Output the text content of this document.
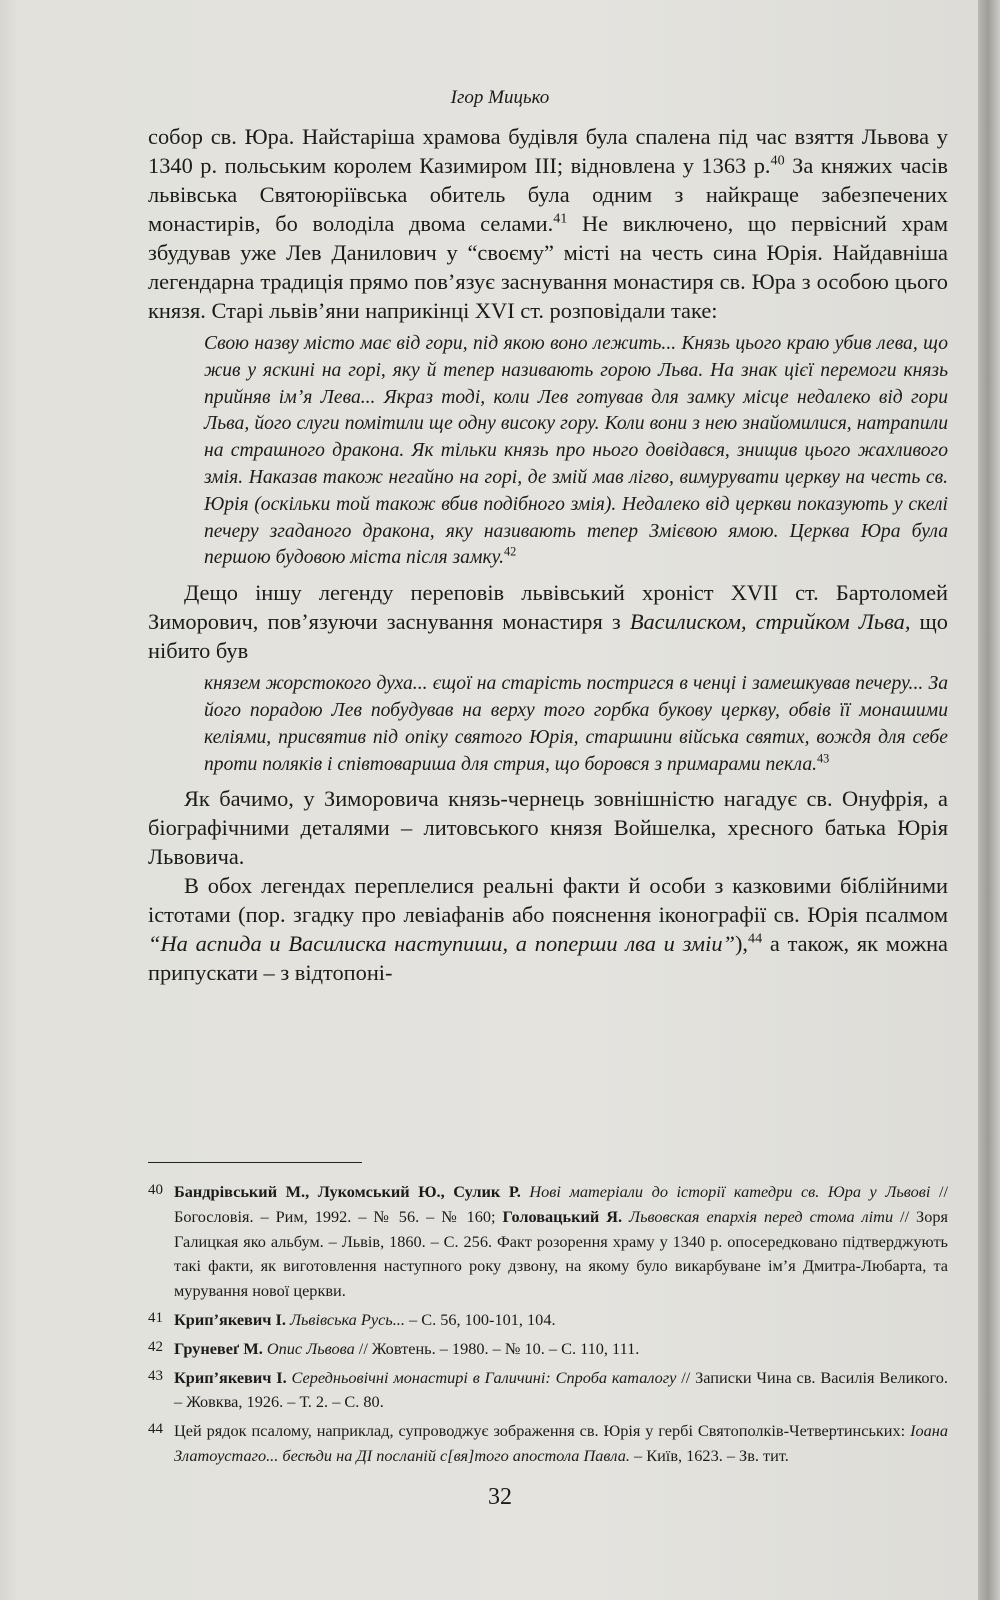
Ігор Мицько

собор св. Юра. Найстаріша храмова будівля була спалена під час взяття Львова у 1340 р. польським королем Казимиром III; відновлена у 1363 р.$^{40}$ За княжих часів львівська Святоюріївська обитель була одним з найкраще забезпечених монастирів, бо володіла двома селами.$^{41}$ Не виключено, що первісний храм збудував уже Лев Данилович у “своєму” місті на честь сина Юрія. Найдавніша легендарна традиція прямо пов’язує заснування монастиря св. Юра з особою цього князя. Старі львів’яни наприкінці XVI ст. розповідали таке:

Свою назву місто має від гори, під якою воно лежить... Князь цього краю убив лева, що жив у яскині на горі, яку й тепер називають горою Льва. На знак цієї перемоги князь прийняв ім’я Лева... Якраз тоді, коли Лев готував для замку місце недалеко від гори Льва, його слуги помітили ще одну високу гору. Коли вони з нею знайомилися, натрапили на страшного дракона. Як тільки князь про нього довідався, знищив цього жахливого змія. Наказав також негайно на горі, де змій мав лігво, вимурувати церкву на честь св. Юрія (оскільки той також вбив подібного змія). Недалеко від церкви показують у скелі печеру згаданого дракона, яку називають тепер Змієвою ямою. Церква Юра була першою будовою міста після замку.$^{42}$

Дещо іншу легенду переповів львівський хроніст XVII ст. Бартоломей Зиморович, пов’язуючи заснування монастиря з Василиском, стрийком Льва, що нібито був

князем жорстокого духа... єщої на старість постригся в ченці і замешкував печеру... За його порадою Лев побудував на верху того горбка букову церкву, обвів її монашими келіями, присвятив під опіку святого Юрія, старшини війська святих, вождя для себе проти поляків і співтовариша для стрия, що боровся з примарами пекла.$^{43}$

Як бачимо, у Зиморовича князь-чернець зовнішністю нагадує св. Онуфрія, а біографічними деталями – литовського князя Войшелка, хресного батька Юрія Львовича.

В обох легендах переплелися реальні факти й особи з казковими біблійними істотами (пор. згадку про левіафанів або пояснення іконографії св. Юрія псалмом “На аспида и Василиска наступиши, а поперши лва и зміи”),$^{44}$ а також, як можна припускати – з відтопоні-

40 Бандрівський М., Лукомський Ю., Сулик Р. Нові матеріали до історії катедри св. Юра у Львові // Богословія. – Рим, 1992. – № 56. – № 160; Головацький Я. Львовская епархія перед стома літи // Зоря Галицкая яко альбум. – Львів, 1860. – С. 256. Факт розорення храму у 1340 р. опосередковано підтверджують такі факти, як виготовлення наступного року дзвону, на якому було викарбуване ім’я Дмитра-Любарта, та мурування нової церкви.
41 Крип’якевич І. Львівська Русь... – С. 56, 100-101, 104.
42 Груневеґ М. Опис Львова // Жовтень. – 1980. – № 10. – С. 110, 111.
43 Крип’якевич І. Середньовічні монастирі в Галичині: Спроба каталогу // Записки Чина св. Василія Великого. – Жовква, 1926. – Т. 2. – С. 80.
44 Цей рядок псалому, наприклад, супроводжує зображення св. Юрія у гербі Святополків-Четвертинських: Іоана Златоустаго... бесѣди на ДІ посланій с[вя]того апостола Павла. – Київ, 1623. – Зв. тит.
32
